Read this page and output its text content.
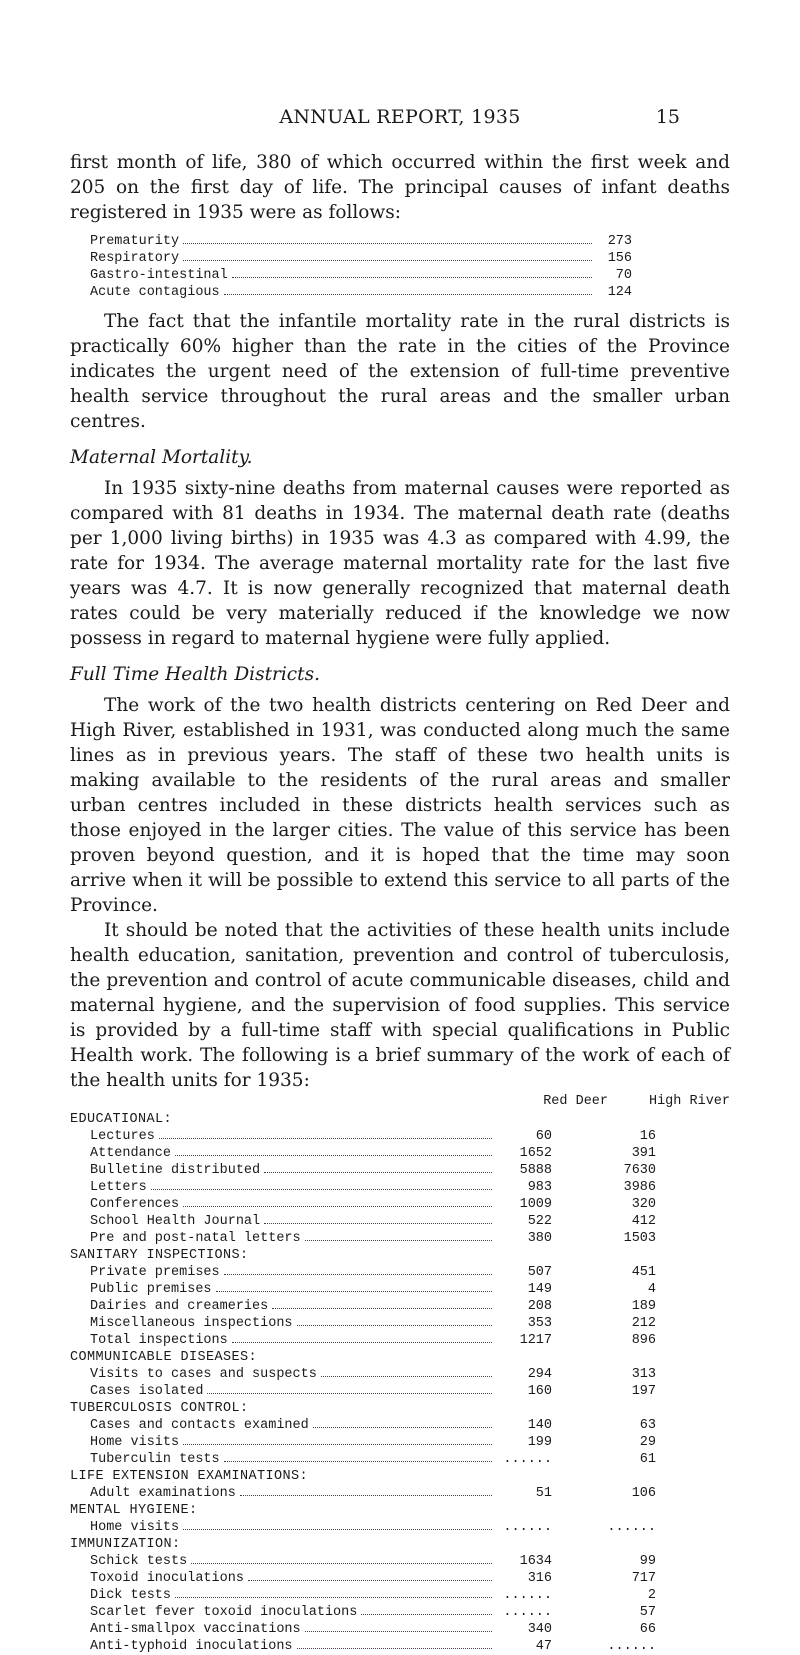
ANNUAL REPORT, 1935	15

first month of life, 380 of which occurred within the first week and 205 on the first day of life. The principal causes of infant deaths registered in 1935 were as follows:

Prematurity	273
Respiratory	156
Gastro-intestinal	70
Acute contagious	124

The fact that the infantile mortality rate in the rural districts is practically 60% higher than the rate in the cities of the Province indicates the urgent need of the extension of full-time preventive health service throughout the rural areas and the smaller urban centres.

Maternal Mortality.

In 1935 sixty-nine deaths from maternal causes were reported as compared with 81 deaths in 1934. The maternal death rate (deaths per 1,000 living births) in 1935 was 4.3 as compared with 4.99, the rate for 1934. The average maternal mortality rate for the last five years was 4.7. It is now generally recognized that maternal death rates could be very materially reduced if the knowledge we now possess in regard to maternal hygiene were fully applied.

Full Time Health Districts.

The work of the two health districts centering on Red Deer and High River, established in 1931, was conducted along much the same lines as in previous years. The staff of these two health units is making available to the residents of the rural areas and smaller urban centres included in these districts health services such as those enjoyed in the larger cities. The value of this service has been proven beyond question, and it is hoped that the time may soon arrive when it will be possible to extend this service to all parts of the Province.

It should be noted that the activities of these health units include health education, sanitation, prevention and control of tuberculosis, the prevention and control of acute communicable diseases, child and maternal hygiene, and the supervision of food supplies. This service is provided by a full-time staff with special qualifications in Public Health work. The following is a brief summary of the work of each of the health units for 1935:

Red Deer	High River
EDUCATIONAL:
Lectures	60	16
Attendance	1652	391
Bulletine distributed	5888	7630
Letters	983	3986
Conferences	1009	320
School Health Journal	522	412
Pre and post-natal letters	380	1503
SANITARY INSPECTIONS:
Private premises	507	451
Public premises	149	4
Dairies and creameries	208	189
Miscellaneous inspections	353	212
Total inspections	1217	896
COMMUNICABLE DISEASES:
Visits to cases and suspects	294	313
Cases isolated	160	197
TUBERCULOSIS CONTROL:
Cases and contacts examined	140	63
Home visits	199	29
Tuberculin tests	......	61
LIFE EXTENSION EXAMINATIONS:
Adult examinations	51	106
MENTAL HYGIENE:
Home visits	......	......
IMMUNIZATION:
Schick tests	1634	99
Toxoid inoculations	316	717
Dick tests	......	2
Scarlet fever toxoid inoculations	......	57
Anti-smallpox vaccinations	340	66
Anti-typhoid inoculations	47	......
